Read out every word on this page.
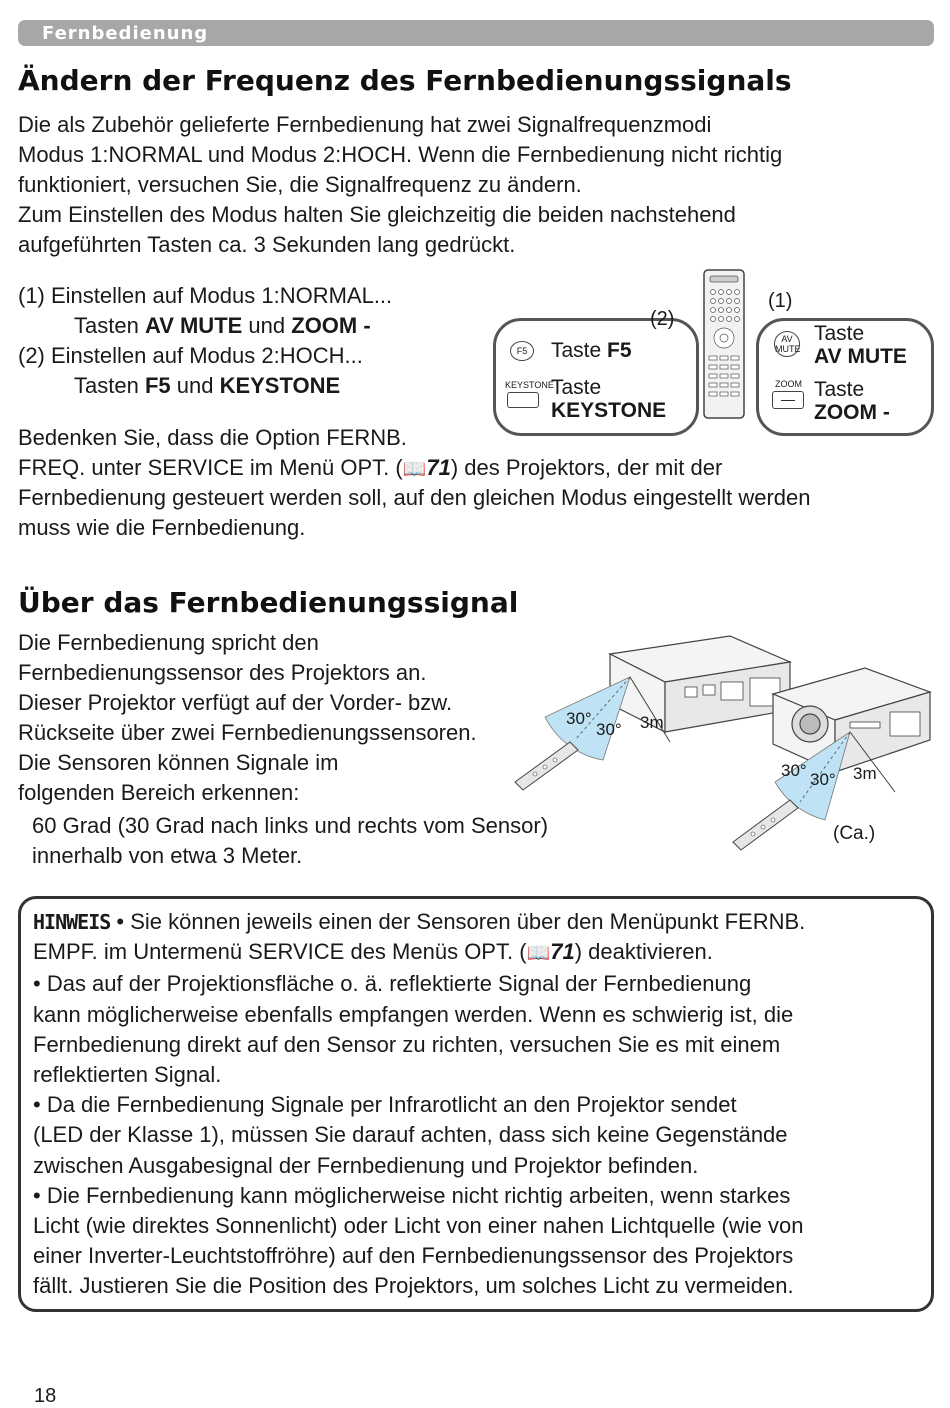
Fernbedienung
Ändern der Frequenz des Fernbedienungssignals

Die als Zubehör gelieferte Fernbedienung hat zwei Signalfrequenzmodi
Modus 1:NORMAL und Modus 2:HOCH. Wenn die Fernbedienung nicht richtig
funktioniert, versuchen Sie, die Signalfrequenz zu ändern.
Zum Einstellen des Modus halten Sie gleichzeitig die beiden nachstehend
aufgeführten Tasten ca. 3 Sekunden lang gedrückt.

(1) Einstellen auf Modus 1:NORMAL...
Tasten AV MUTE und ZOOM -
(2) Einstellen auf Modus 2:HOCH...
Tasten F5 und KEYSTONE
(2)
F5	Taste F5
KEYSTONE
Taste
KEYSTONE
(1)
AV
MUTE
Taste
AV MUTE
ZOOM
— Taste
ZOOM -
Bedenken Sie, dass die Option FERNB.
FREQ. unter SERVICE im Menü OPT. (📖71) des Projektors, der mit der
Fernbedienung gesteuert werden soll, auf den gleichen Modus eingestellt werden
muss wie die Fernbedienung.
Über das Fernbedienungssignal

Die Fernbedienung spricht den
Fernbedienungssensor des Projektors an.
Dieser Projektor verfügt auf der Vorder- bzw.
Rückseite über zwei Fernbedienungssensoren.
Die Sensoren können Signale im
folgenden Bereich erkennen:

60 Grad (30 Grad nach links und rechts vom Sensor)
innerhalb von etwa 3 Meter.

30°
30° 3m
30° 30° 3m
(Ca.)
HINWEIS • Sie können jeweils einen der Sensoren über den Menüpunkt FERNB.
EMPF. im Untermenü SERVICE des Menüs OPT. (📖71) deaktivieren.
• Das auf der Projektionsfläche o. ä. reflektierte Signal der Fernbedienung
kann möglicherweise ebenfalls empfangen werden. Wenn es schwierig ist, die
Fernbedienung direkt auf den Sensor zu richten, versuchen Sie es mit einem
reflektierten Signal.
• Da die Fernbedienung Signale per Infrarotlicht an den Projektor sendet
(LED der Klasse 1), müssen Sie darauf achten, dass sich keine Gegenstände
zwischen Ausgabesignal der Fernbedienung und Projektor befinden.
• Die Fernbedienung kann möglicherweise nicht richtig arbeiten, wenn starkes
Licht (wie direktes Sonnenlicht) oder Licht von einer nahen Lichtquelle (wie von
einer Inverter-Leuchtstoffröhre) auf den Fernbedienungssensor des Projektors
fällt. Justieren Sie die Position des Projektors, um solches Licht zu vermeiden.
18
